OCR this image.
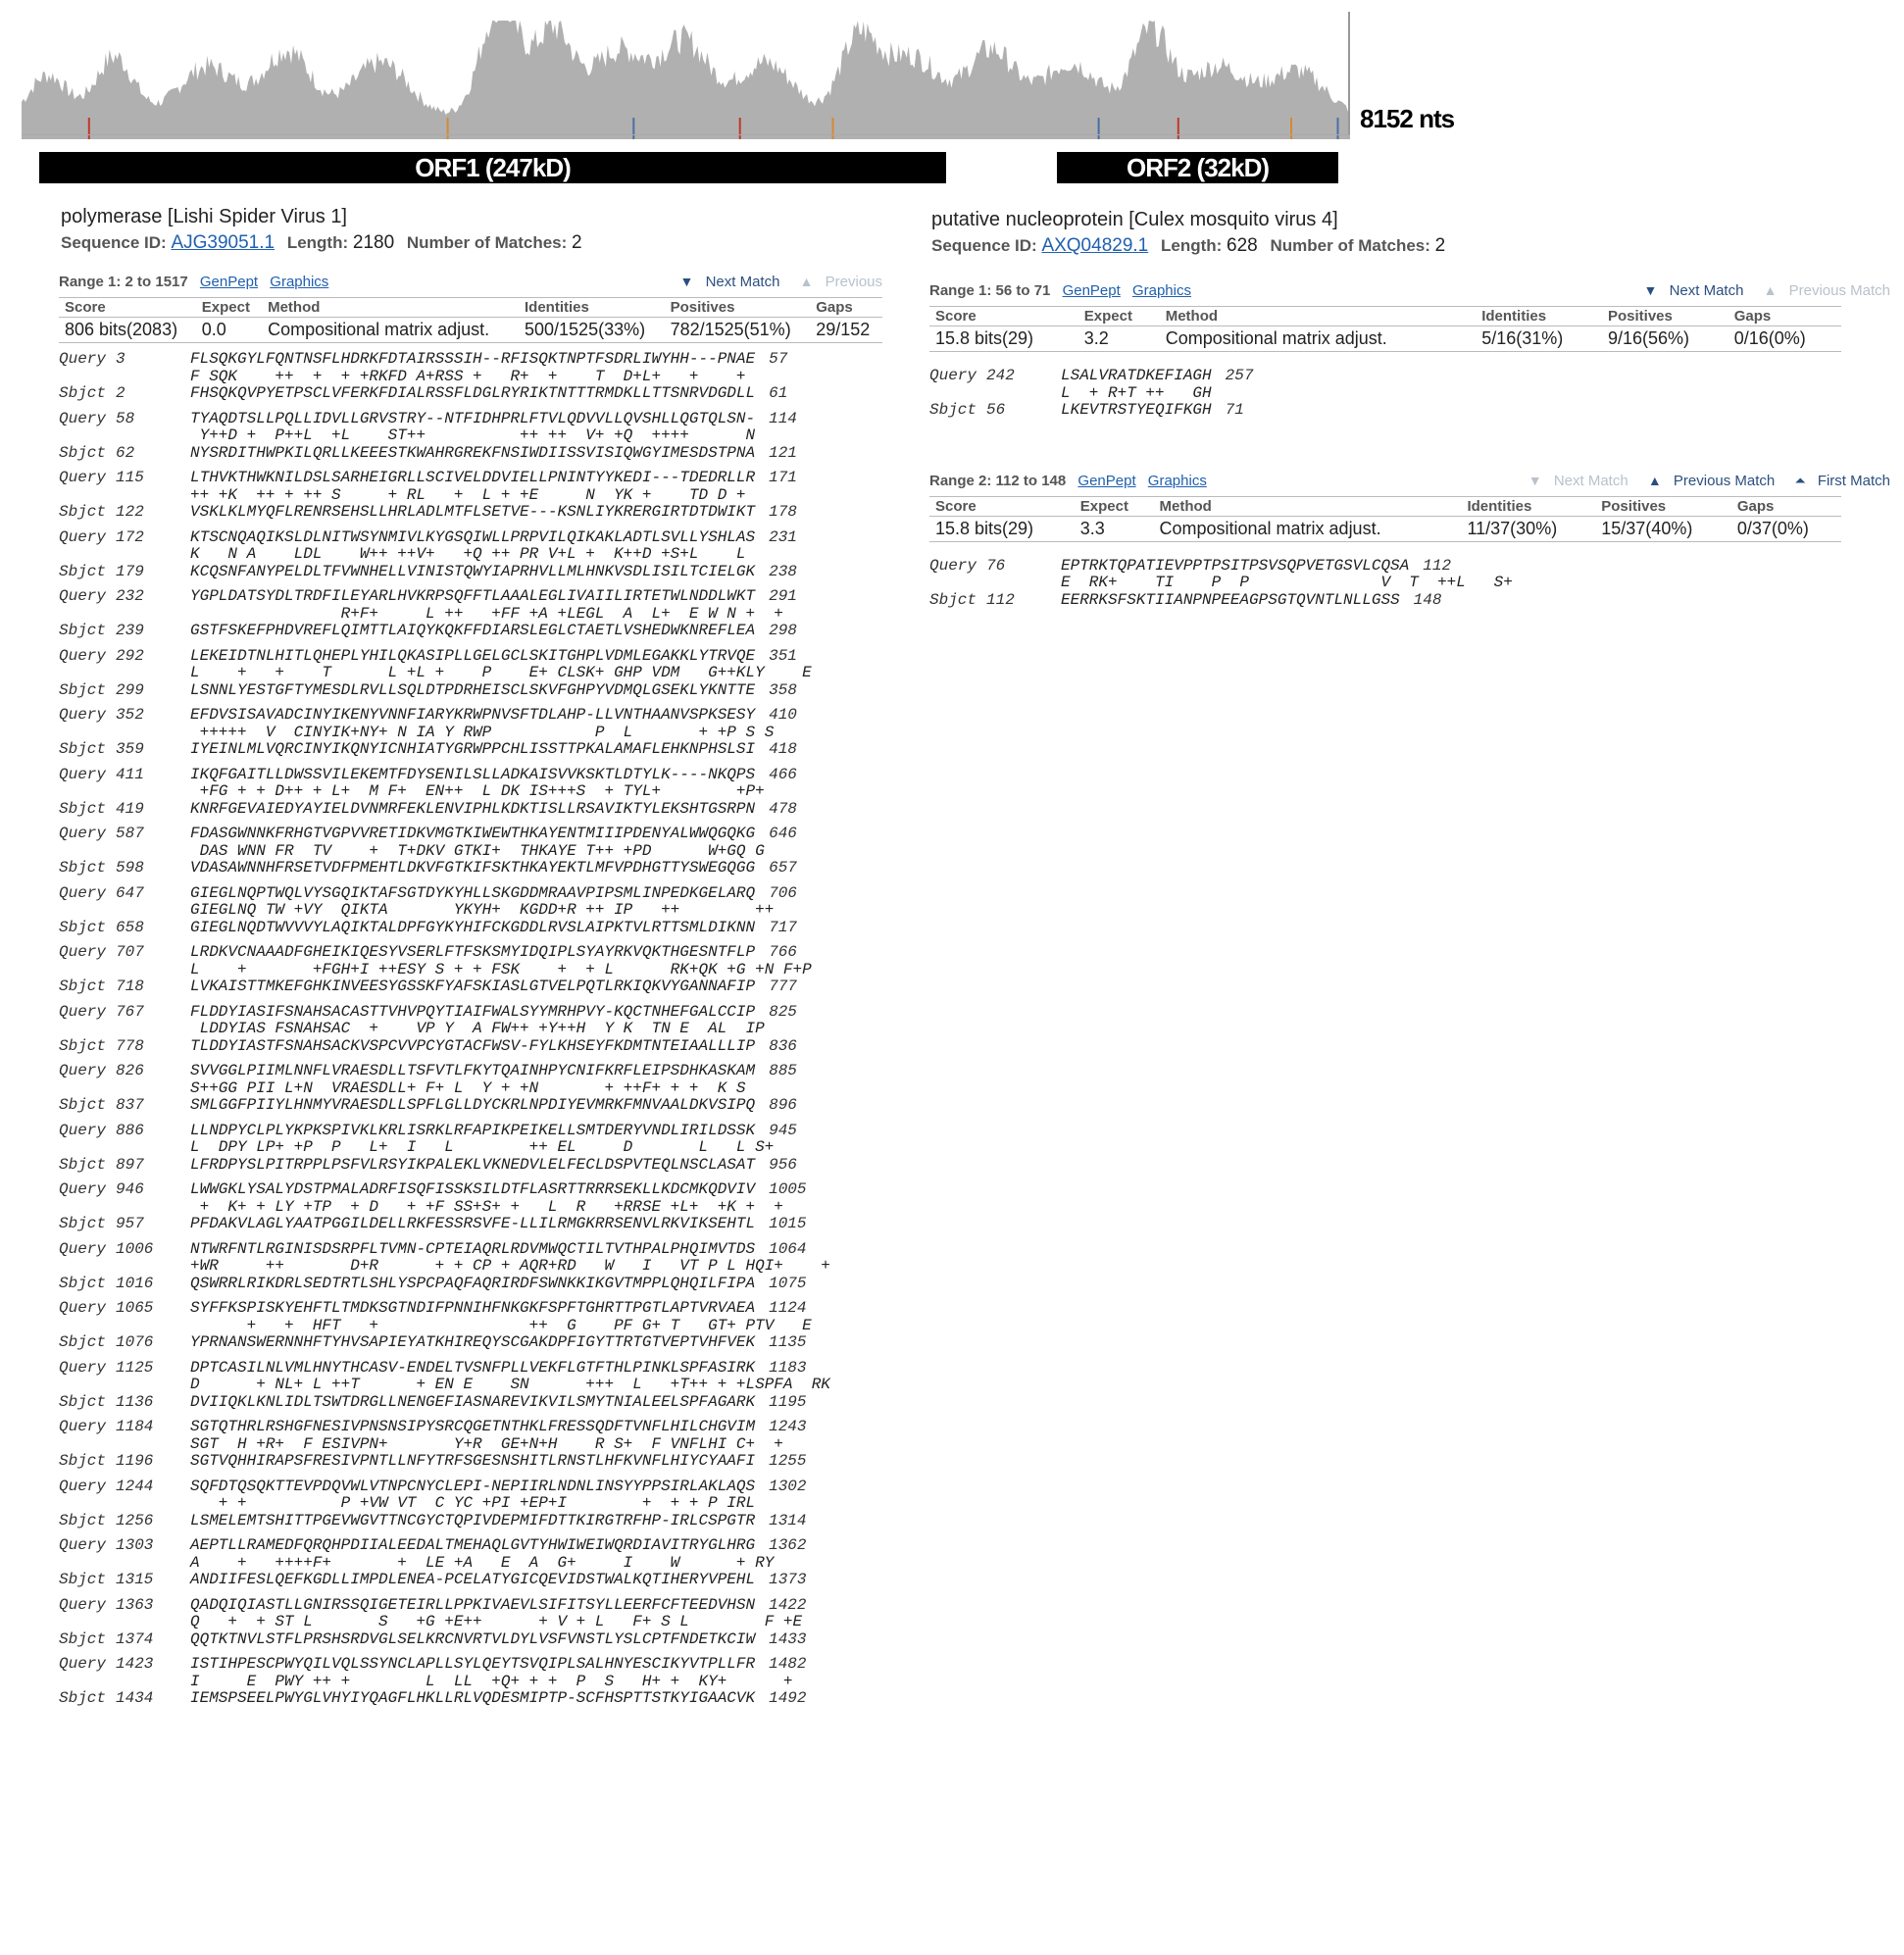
8152 nts
ORF1 (247kD)	ORF2 (32kD)
polymerase [Lishi Spider Virus 1]
Sequence ID: AJG39051.1 Length: 2180 Number of Matches: 2
Range 1: 2 to 1517 GenPept Graphics	▼ Next Match ▲ Previous
Score	Expect	Method	Identities	Positives	Gaps
806 bits(2083)	0.0	Compositional matrix adjust.	500/1525(33%)	782/1525(51%)	29/152
Query 3	FLSQKGYLFQNTNSFLHDRKFDTAIRSSSIH--RFISQKTNPTFSDRLIWYHH---PNAE 57
F SQK    ++  +  + +RKFD A+RSS +   R+  +    T  D+L+   +    +
Sbjct 2	FHSQKQVPYETPSCLVFERKFDIALRSSFLDGLRYRIKTNTTTRMDKLLTTSNRVDGDLL 61
Query 58	TYAQDTSLLPQLLIDVLLGRVSTRY--NTFIDHPRLFTVLQDVVLLQVSHLLQGTQLSN- 114
Y++D +  P++L  +L    ST++          ++ ++  V+ +Q  ++++      N
Sbjct 62	NYSRDITHWPKILQRLLKEEESTKWAHRGREKFNSIWDIISSVISIQWGYIMESDSTPNA 121
Query 115	LTHVKTHWKNILDSLSARHEIGRLLSCIVELDDVIELLPNINTYYKEDI---TDEDRLLR 171
++ +K  ++ + ++ S     + RL   +  L + +E     N  YK +    TD D +
Sbjct 122	VSKLKLMYQFLRENRSEHSLLHRLADLMTFLSETVE---KSNLIYKRERGIRTDTDWIKT 178
Query 172	KTSCNQAQIKSLDLNITWSYNMIVLKYGSQIWLLPRPVILQIKAKLADTLSVLLYSHLAS 231
K   N A    LDL    W++ ++V+   +Q ++ PR V+L +  K++D +S+L    L
Sbjct 179	KCQSNFANYPELDLTFVWNHELLVINISTQWYIAPRHVLLMLHNKVSDLISILTCIELGK 238
Query 232	YGPLDATSYDLTRDFILEYARLHVKRPSQFFTLAAALEGLIVAIILIRTETWLNDDLWKT 291
R+F+     L ++   +FF +A +LEGL  A  L+  E W N +  +
Sbjct 239	GSTFSKEFPHDVREFLQIMTTLAIQYKQKFFDIARSLEGLCTAETLVSHEDWKNREFLEA 298
Query 292	LEKEIDTNLHITLQHEPLYHILQKASIPLLGELGCLSKITGHPLVDMLEGAKKLYTRVQE 351
L    +   +    T      L +L +    P    E+ CLSK+ GHP VDM   G++KLY    E
Sbjct 299	LSNNLYESTGFTYMESDLRVLLSQLDTPDRHEISCLSKVFGHPYVDMQLGSEKLYKNTTE 358
Query 352	EFDVSISAVADCINYIKENYVNNFIARYKRWPNVSFTDLAHP-LLVNTHAANVSPKSESY 410
+++++  V  CINYIK+NY+ N IA Y RWP           P  L       + +P S S
Sbjct 359	IYEINLMLVQRCINYIKQNYICNHIATYGRWPPCHLISSTTPKALAMAFLEHKNPHSLSI 418
Query 411	IKQFGAITLLDWSSVILEKEMTFDYSENILSLLADKAISVVKSKTLDTYLK----NKQPS 466
+FG + + D++ + L+  M F+  EN++  L DK IS+++S  + TYL+        +P+
Sbjct 419	KNRFGEVAIEDYAYIELDVNMRFEKLENVIPHLKDKTISLLRSAVIKTYLEKSHTGSRPN 478
Query 587	FDASGWNNKFRHGTVGPVVRETIDKVMGTKIWEWTHKAYENTMIIIPDENYALWWQGQKG 646
DAS WNN FR  TV    +  T+DKV GTKI+  THKAYE T++ +PD      W+GQ G
Sbjct 598	VDASAWNNHFRSETVDFPMEHTLDKVFGTKIFSKTHKAYEKTLMFVPDHGTTYSWEGQGG 657
Query 647	GIEGLNQPTWQLVYSGQIKTAFSGTDYKYHLLSKGDDMRAAVPIPSMLINPEDKGELARQ 706
GIEGLNQ TW +VY  QIKTA       YKYH+  KGDD+R ++ IP   ++        ++
Sbjct 658	GIEGLNQDTWVVVYLAQIKTALDPFGYKYHIFCKGDDLRVSLAIPKTVLRTTSMLDIKNN 717
Query 707	LRDKVCNAAADFGHEIKIQESYVSERLFTFSKSMYIDQIPLSYAYRKVQKTHGESNTFLP 766
L    +       +FGH+I ++ESY S + + FSK    +  + L      RK+QK +G +N F+P
Sbjct 718	LVKAISTTMKEFGHKINVEESYGSSKFYAFSKIASLGTVELPQTLRKIQKVYGANNAFIP 777
Query 767	FLDDYIASIFSNAHSACASTTVHVPQYTIAIFWALSYYMRHPVY-KQCTNHEFGALCCIP 825
LDDYIAS FSNAHSAC  +    VP Y  A FW++ +Y++H  Y K  TN E  AL  IP
Sbjct 778	TLDDYIASTFSNAHSACKVSPCVVPCYGTACFWSV-FYLKHSEYFKDMTNTEIAALLLIP 836
Query 826	SVVGGLPIIMLNNFLVRAESDLLTSFVTLFKYTQAINHPYCNIFKRFLEIPSDHKASKAM 885
S++GG PII L+N  VRAESDLL+ F+ L  Y + +N       + ++F+ + +  K S
Sbjct 837	SMLGGFPIIYLHNMYVRAESDLLSPFLGLLDYCKRLNPDIYEVMRKFMNVAALDKVSIPQ 896
Query 886	LLNDPYCLPLYKPKSPIVKLKRLISRKLRFAPIKPEIKELLSMTDERYVNDLIRILDSSK 945
L  DPY LP+ +P  P   L+  I   L        ++ EL     D       L   L S+
Sbjct 897	LFRDPYSLPITRPPLPSFVLRSYIKPALEKLVKNEDVLELFECLDSPVTEQLNSCLASAT 956
Query 946	LWWGKLYSALYDSTPMALADRFISQFISSKSILDTFLASRTTRRRSEKLLKDCMKQDVIV 1005
+  K+ + LY +TP  + D   + +F SS+S+ +   L  R   +RRSE +L+  +K +  +
Sbjct 957	PFDAKVLAGLYAATPGGILDELLRKFESSRSVFE-LLILRMGKRRSENVLRKVIKSEHTL 1015
Query 1006 NTWRFNTLRGINISDSRPFLTVMN-CPTEIAQRLRDVMWQCTILTVTHPALPHQIMVTDS 1064
+WR     ++       D+R      + + CP + AQR+RD   W   I   VT P L HQI+    +
Sbjct 1016 QSWRRLRIKDRLSEDTRTLSHLYSPCPAQFAQRIRDFSWNKKIKGVTMPPLQHQILFIPA 1075
Query 1065 SYFFKSPISKYEHFTLTMDKSGTNDIFPNNIHFNKGKFSPFTGHRTTPGTLAPTVRVAEA 1124
+   +  HFT   +                ++  G    PF G+ T   GT+ PTV   E
Sbjct 1076 YPRNANSWERNNHFTYHVSAPIEYATKHIREQYSCGAKDPFIGYTTRTGTVEPTVHFVEK 1135
Query 1125 DPTCASILNLVMLHNYTHCASV-ENDELTVSNFPLLVEKFLGTFTHLPINKLSPFASIRK 1183
D      + NL+ L ++T      + EN E    SN      +++  L   +T++ + +LSPFA  RK
Sbjct 1136 DVIIQKLKNLIDLTSWTDRGLLNENGEFIASNAREVIKVILSMYTNIALEELSPFAGARK 1195
Query 1184 SGTQTHRLRSHGFNESIVPNSNSIPYSRCQGETNTHKLFRESSQDFTVNFLHILCHGVIM 1243
SGT  H +R+  F ESIVPN+       Y+R  GE+N+H    R S+  F VNFLHI C+  +
Sbjct 1196 SGTVQHHIRAPSFRESIVPNTLLNFYTRFSGESNSHITLRNSTLHFKVNFLHIYCYAAFI 1255
Query 1244 SQFDTQSQKTTEVPDQVWLVTNPCNYCLEPI-NEPIIRLNDNLINSYYPPSIRLAKLAQS 1302
+ +          P +VW VT  C YC +PI +EP+I        +  + + P IRL
Sbjct 1256 LSMELEMTSHITTPGEVWGVTTNCGYCTQPIVDEPMIFDTTKIRGTRFHP-IRLCSPGTR 1314
Query 1303 AEPTLLRAMEDFQRQHPDIIALEEDALTMEHAQLGVTYHWIWEIWQRDIAVITRYGLHRG 1362
A    +   ++++F+       +  LE +A   E  A  G+     I    W      + RY
Sbjct 1315 ANDIIFESLQEFKGDLLIMPDLENEA-PCELATYGICQEVIDSTWALKQTIHERYVPEHL 1373
Query 1363 QADQIQIASTLLGNIRSSQIGETEIRLLPPKIVAEVLSIFITSYLLEERFCFTEEDVHSN 1422
Q   +  + ST L       S   +G +E++      + V + L   F+ S L        F +E
Sbjct 1374 QQTKTNVLSTFLPRSHSRDVGLSELKRCNVRTVLDYLVSFVNSTLYSLCPTFNDETKCIW 1433
Query 1423 ISTIHPESCPWYQILVQLSSYNCLAPLLSYLQEYTSVQIPLSALHNYESCIKYVTPLLFR 1482
I     E  PWY ++ +        L  LL  +Q+ + +  P  S   H+ +  KY+      +
Sbjct 1434 IEMSPSEELPWYGLVHYIYQAGFLHKLLRLVQDESMIPTP-SCFHSPTTSTKYIGAACVK 1492
putative nucleoprotein [Culex mosquito virus 4]
Sequence ID: AXQ04829.1 Length: 628 Number of Matches: 2
Range 1: 56 to 71 GenPept Graphics	▼ Next Match ▲ Previous Match
Score	Expect	Method	Identities	Positives	Gaps
15.8 bits(29)	3.2	Compositional matrix adjust.	5/16(31%)	9/16(56%)	0/16(0%)
Query 242	LSALVRATDKEFIAGH 257
L  + R+T ++   GH
Sbjct 56	LKEVTRSTYEQIFKGH 71
Range 2: 112 to 148 GenPept Graphics	▼ Next Match ▲ Previous Match ⏶ First Match
Score	Expect	Method	Identities	Positives	Gaps
15.8 bits(29)	3.3	Compositional matrix adjust.	11/37(30%)	15/37(40%)	0/37(0%)
Query 76	EPTRKTQPATIEVPPTPSITPSVSQPVETGSVLCQSA 112
E  RK+    TI    P  P              V  T  ++L   S+
Sbjct 112	EERRKSFSKTIIANPNPEEAGPSGTQVNTLNLLGSS 148
